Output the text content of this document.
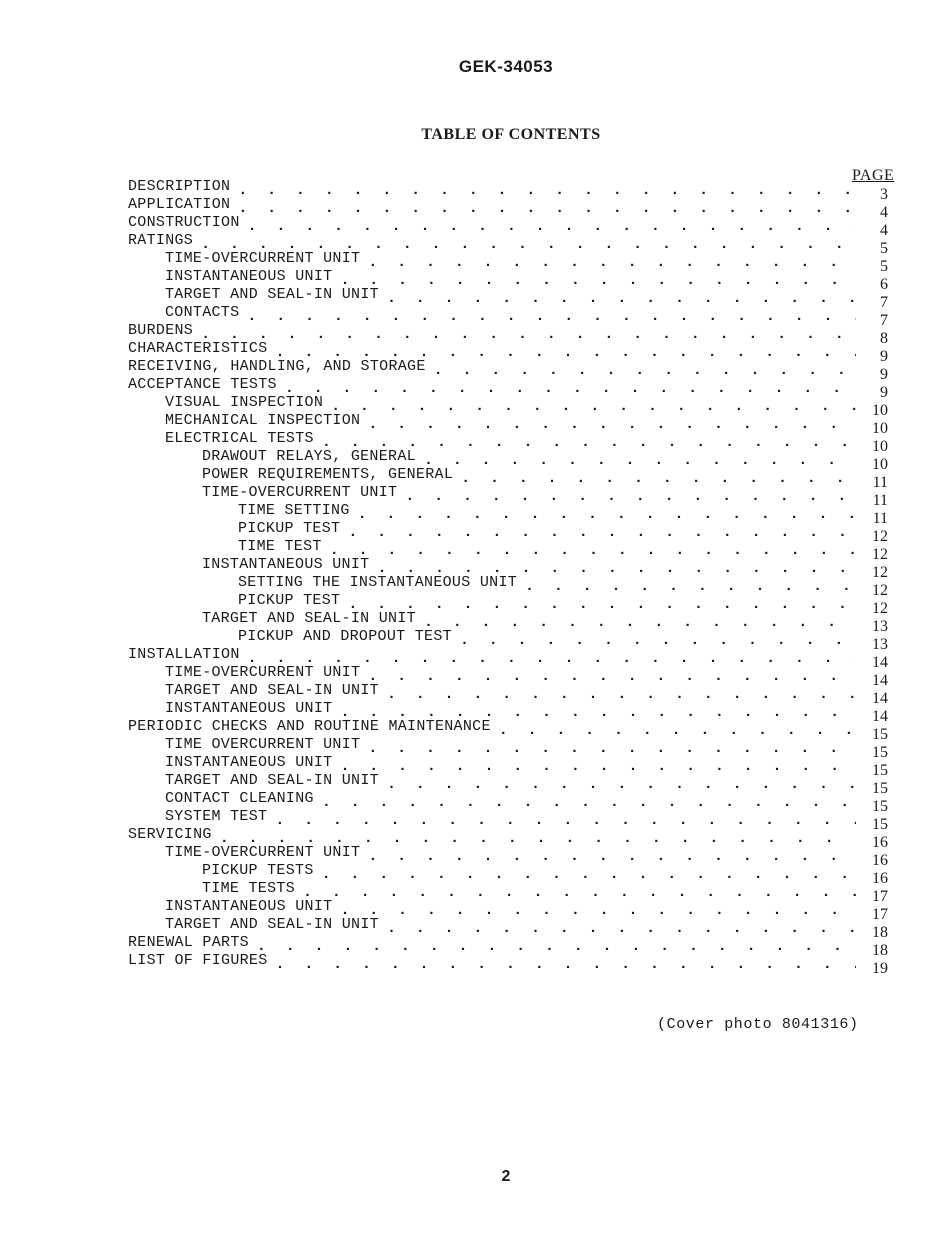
GEK-34053
TABLE OF CONTENTS
PAGE
DESCRIPTION . . .	3
APPLICATION . . .	4
CONSTRUCTION . . .	4
RATINGS . . .	5
TIME-OVERCURRENT UNIT . . .	5
INSTANTANEOUS UNIT . . .	6
TARGET AND SEAL-IN UNIT . . .	7
CONTACTS . . .	7
BURDENS . . .	8
CHARACTERISTICS . . .	9
RECEIVING, HANDLING, AND STORAGE . . .	9
ACCEPTANCE TESTS . . .	9
VISUAL INSPECTION . . .	10
MECHANICAL INSPECTION . . .	10
ELECTRICAL TESTS . . .	10
DRAWOUT RELAYS, GENERAL . . .	10
POWER REQUIREMENTS, GENERAL . . .	11
TIME-OVERCURRENT UNIT . . .	11
TIME SETTING . . .	11
PICKUP TEST . . .	12
TIME TEST . . .	12
INSTANTANEOUS UNIT . . .	12
SETTING THE INSTANTANEOUS UNIT . . .	12
PICKUP TEST . . .	12
TARGET AND SEAL-IN UNIT . . .	13
PICKUP AND DROPOUT TEST . . .	13
INSTALLATION . . .	14
TIME-OVERCURRENT UNIT . . .	14
TARGET AND SEAL-IN UNIT . . .	14
INSTANTANEOUS UNIT . . .	14
PERIODIC CHECKS AND ROUTINE MAINTENANCE . . .	15
TIME OVERCURRENT UNIT . . .	15
INSTANTANEOUS UNIT . . .	15
TARGET AND SEAL-IN UNIT . . .	15
CONTACT CLEANING . . .	15
SYSTEM TEST . . .	15
SERVICING . . .	16
TIME-OVERCURRENT UNIT . . .	16
PICKUP TESTS . . .	16
TIME TESTS . . .	17
INSTANTANEOUS UNIT . . .	17
TARGET AND SEAL-IN UNIT . . .	18
RENEWAL PARTS . . .	18
LIST OF FIGURES . . .	19
(Cover photo 8041316)
2
